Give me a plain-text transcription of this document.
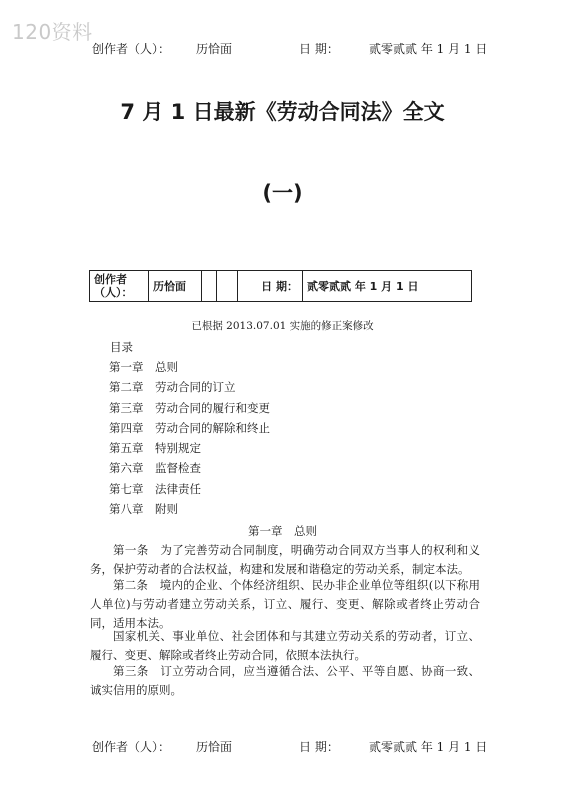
120资料
创作者（人）： 历恰面	日 期：	贰零贰贰 年 1 月 1 日
7 月 1 日最新《劳动合同法》全文
(一)
创作者（人）：	历恰面			日 期：	贰零贰贰 年 1 月 1 日
已根据 2013.07.01 实施的修正案修改
目录
第一章 总则
第二章 劳动合同的订立
第三章 劳动合同的履行和变更
第四章 劳动合同的解除和终止
第五章 特别规定
第六章 监督检查
第七章 法律责任
第八章 附则
第一章　总则
第一条　为了完善劳动合同制度，明确劳动合同双方当事人的权利和义务，保护劳动者的合法权益，构建和发展和谐稳定的劳动关系，制定本法。
第二条　境内的企业、个体经济组织、民办非企业单位等组织(以下称用人单位)与劳动者建立劳动关系，订立、履行、变更、解除或者终止劳动合同，适用本法。
国家机关、事业单位、社会团体和与其建立劳动关系的劳动者，订立、履行、变更、解除或者终止劳动合同，依照本法执行。
第三条　订立劳动合同，应当遵循合法、公平、平等自愿、协商一致、诚实信用的原则。
创作者（人）： 历恰面	日 期：	贰零贰贰 年 1 月 1 日
